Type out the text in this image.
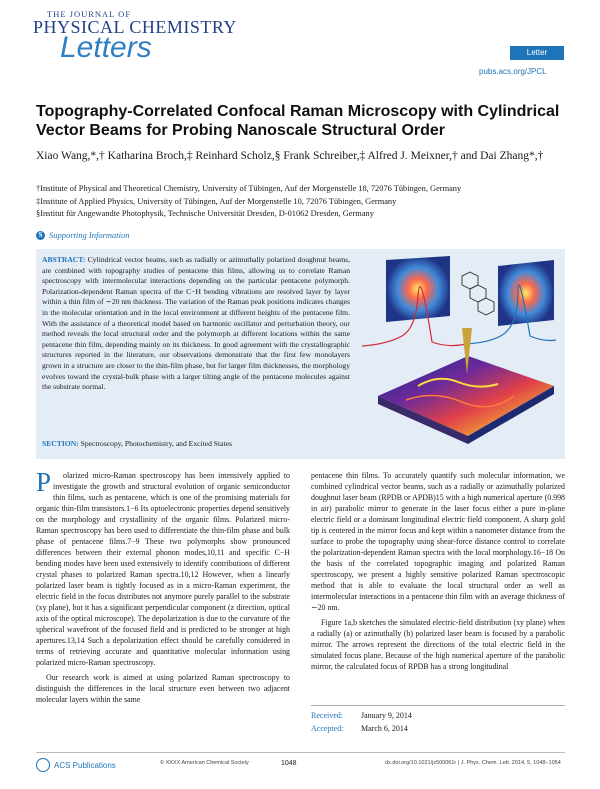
THE JOURNAL OF
PHYSICAL CHEMISTRY
Letters	Letter
pubs.acs.org/JPCL
Topography-Correlated Confocal Raman Microscopy with Cylindrical Vector Beams for Probing Nanoscale Structural Order
Xiao Wang,*,† Katharina Broch,‡ Reinhard Scholz,§ Frank Schreiber,‡ Alfred J. Meixner,† and Dai Zhang*,†
†Institute of Physical and Theoretical Chemistry, University of Tübingen, Auf der Morgenstelle 18, 72076 Tübingen, Germany
‡Institute of Applied Physics, University of Tübingen, Auf der Morgenstelle 10, 72076 Tübingen, Germany
§Institut für Angewandte Photophysik, Technische Universität Dresden, D-01062 Dresden, Germany
S Supporting Information
ABSTRACT: Cylindrical vector beams, such as radially or azimuthally polarized doughnut beams, are combined with topography studies of pentacene thin films, allowing us to correlate Raman spectroscopy with intermolecular interactions depending on the particular pentacene polymorph. Polarization-dependent Raman spectra of the C−H bending vibrations are resolved layer by layer within a thin film of ∼20 nm thickness. The variation of the Raman peak positions indicates changes in the molecular orientation and in the local environment at different heights of the pentacene film. With the assistance of a theoretical model based on harmonic oscillator and perturbation theory, our method reveals the local structural order and the polymorph at different locations within the same pentacene thin film, depending mainly on its thickness. In good agreement with the crystallographic structures reported in the literature, our observations demonstrate that the first few monolayers grown in a structure are closer to the thin-film phase, but for larger film thicknesses, the morphology evolves toward the crystal-bulk phase with a larger tilting angle of the pentacene molecules against the substrate normal.
SECTION: Spectroscopy, Photochemistry, and Excited States

P olarized micro-Raman spectroscopy has been intensively applied to investigate the growth and structural evolution of organic semiconductor thin films, such as pentacene, which is one of the promising materials for organic thin-film transistors.1−6 Its optoelectronic properties depend sensitively on the morphology and crystallinity of the organic films. Polarized micro-Raman spectroscopy has been used to differentiate the thin-film phase and bulk phase of pentacene films.7−9 These two polymorphs show pronounced differences between their external phonon modes,10,11 and specific C−H bending modes have been used extensively to identify contributions of different crystal phases to polarized Raman spectra.10,12 However, when a linearly polarized laser beam is tightly focused as in a micro-Raman experiment, the electric field in the focus distributes not anymore purely parallel to the substrate (xy plane), but it has a significant perpendicular component (z direction, optical axis of the optical microscope). The depolarization is due to the curvature of the spherical wavefront of the focused field and is predicted to be stronger at high apertures.13,14 Such a depolarization effect should be carefully considered in terms of retrieving accurate and quantitative molecular information using polarized micro-Raman spectroscopy.

Our research work is aimed at using polarized Raman spectroscopy to distinguish the differences in the local structure even between two adjacent molecular layers within the same

pentacene thin films. To accurately quantify such molecular information, we combined cylindrical vector beams, such as a radially or azimuthally polarized doughnut laser beam (RPDB or APDB)15 with a high numerical aperture (0.998 in air) parabolic mirror to generate in the laser focus either a pure in-plane electric field or a dominant longitudinal electric field component. A sharp gold tip is centered in the mirror focus and kept within a nanometer distance from the surface to probe the topography using shear-force distance control to correlate the polarization-dependent Raman spectra with the local morphology.16−18 On the basis of the correlated topographic imaging and polarized Raman spectroscopy, we present a highly sensitive polarized Raman spectroscopic method that is able to evaluate the local structural order as well as intermolecular interactions in a pentacene thin film with an average thickness of ∼20 nm.

Figure 1a,b sketches the simulated electric-field distribution (xy plane) when a radially (a) or azimuthally (b) polarized laser beam is focused by a parabolic mirror. The arrows represent the directions of the total electric field in the simulated focus plane. Because of the high numerical aperture of the parabolic mirror, the calculated focus of RPDB has a strong longitudinal

Received: January 9, 2014
Accepted: March 6, 2014
ACS Publications	© XXXX American Chemical Society	1048	dx.doi.org/10.1021/jz500061r | J. Phys. Chem. Lett. 2014, 5, 1048−1054
